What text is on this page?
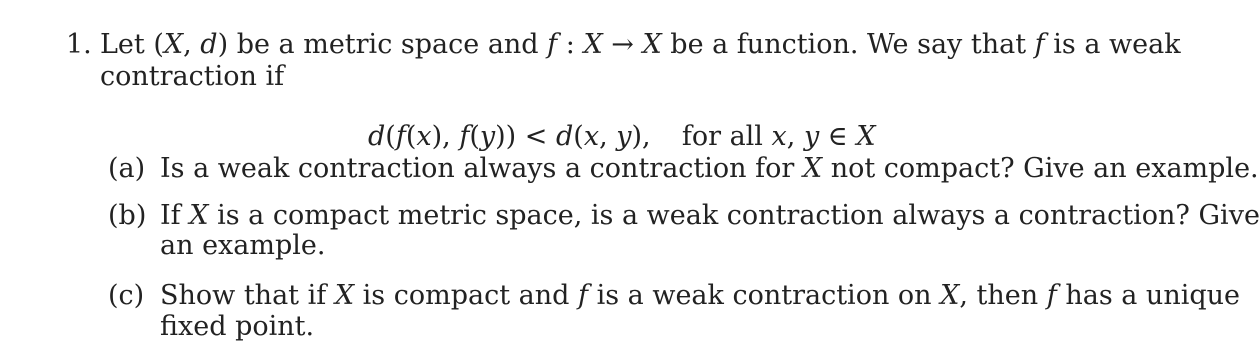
1. Let (X, d) be a metric space and f : X → X be a function. We say that f is a weak
contraction if
d(f(x), f(y)) < d(x, y), for all x, y ∈ X
(a) Is a weak contraction always a contraction for X not compact? Give an example.
(b) If X is a compact metric space, is a weak contraction always a contraction? Give
an example.
(c) Show that if X is compact and f is a weak contraction on X, then f has a unique
fixed point.
